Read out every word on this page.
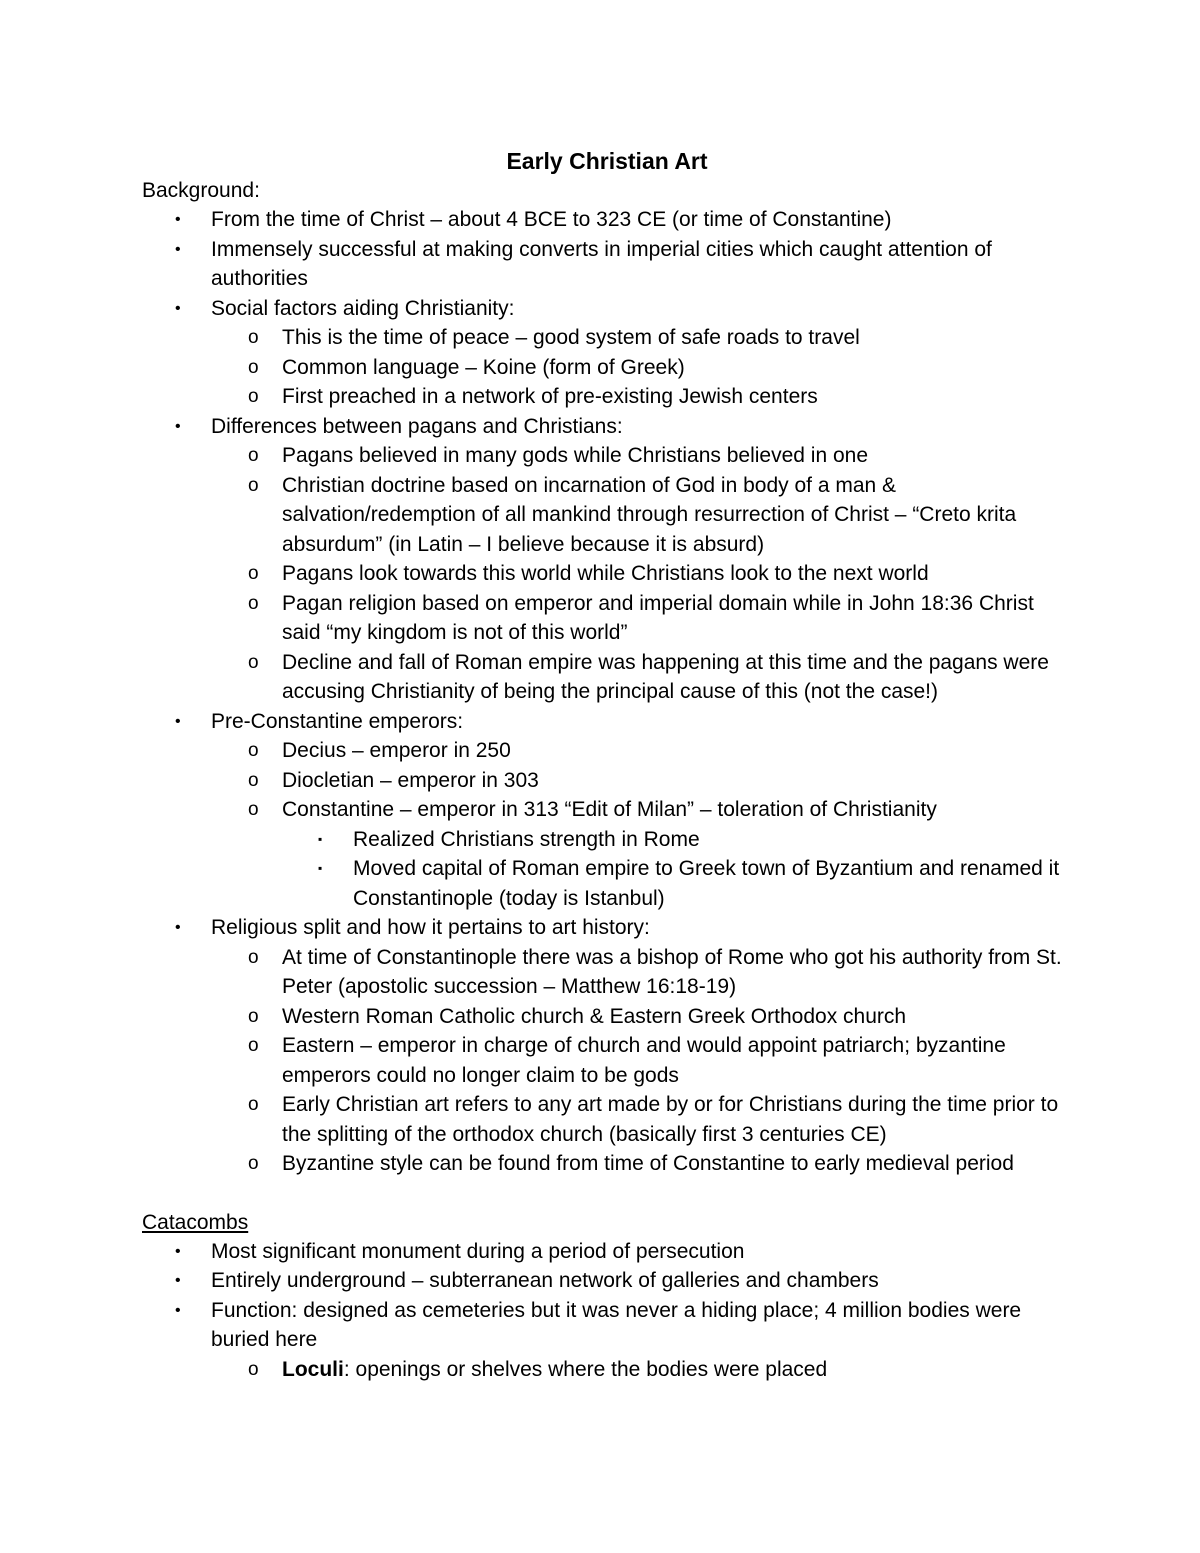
Early Christian Art
Background:
• From the time of Christ – about 4 BCE to 323 CE (or time of Constantine)
• Immensely successful at making converts in imperial cities which caught attention of authorities
• Social factors aiding Christianity:
o This is the time of peace – good system of safe roads to travel
o Common language – Koine (form of Greek)
o First preached in a network of pre-existing Jewish centers
• Differences between pagans and Christians:
o Pagans believed in many gods while Christians believed in one
o Christian doctrine based on incarnation of God in body of a man & salvation/redemption of all mankind through resurrection of Christ – “Creto krita absurdum” (in Latin – I believe because it is absurd)
o Pagans look towards this world while Christians look to the next world
o Pagan religion based on emperor and imperial domain while in John 18:36 Christ said “my kingdom is not of this world”
o Decline and fall of Roman empire was happening at this time and the pagans were accusing Christianity of being the principal cause of this (not the case!)
• Pre-Constantine emperors:
o Decius – emperor in 250
o Diocletian – emperor in 303
o Constantine – emperor in 313 “Edit of Milan” – toleration of Christianity
▪ Realized Christians strength in Rome
▪ Moved capital of Roman empire to Greek town of Byzantium and renamed it Constantinople (today is Istanbul)
• Religious split and how it pertains to art history:
o At time of Constantinople there was a bishop of Rome who got his authority from St. Peter (apostolic succession – Matthew 16:18-19)
o Western Roman Catholic church & Eastern Greek Orthodox church
o Eastern – emperor in charge of church and would appoint patriarch; byzantine emperors could no longer claim to be gods
o Early Christian art refers to any art made by or for Christians during the time prior to the splitting of the orthodox church (basically first 3 centuries CE)
o Byzantine style can be found from time of Constantine to early medieval period
Catacombs
• Most significant monument during a period of persecution
• Entirely underground – subterranean network of galleries and chambers
• Function: designed as cemeteries but it was never a hiding place; 4 million bodies were buried here
o Loculi: openings or shelves where the bodies were placed
